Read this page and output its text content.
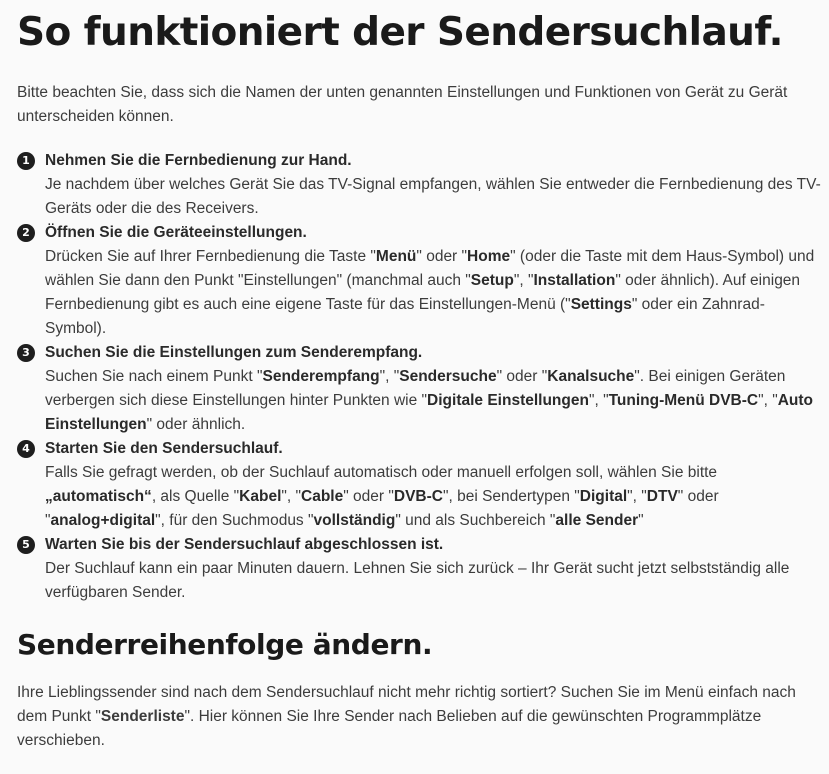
So funktioniert der Sendersuchlauf.

Bitte beachten Sie, dass sich die Namen der unten genannten Einstellungen und Funktionen von Gerät zu Gerät unterscheiden können.

1 Nehmen Sie die Fernbedienung zur Hand.
Je nachdem über welches Gerät Sie das TV-Signal empfangen, wählen Sie entweder die Fernbedienung des TV-Geräts oder die des Receivers.
2 Öffnen Sie die Geräteeinstellungen.
Drücken Sie auf Ihrer Fernbedienung die Taste "Menü" oder "Home" (oder die Taste mit dem Haus-Symbol) und wählen Sie dann den Punkt "Einstellungen" (manchmal auch "Setup", "Installation" oder ähnlich). Auf einigen Fernbedienung gibt es auch eine eigene Taste für das Einstellungen-Menü ("Settings" oder ein Zahnrad-Symbol).
3 Suchen Sie die Einstellungen zum Senderempfang.
Suchen Sie nach einem Punkt "Senderempfang", "Sendersuche" oder "Kanalsuche". Bei einigen Geräten verbergen sich diese Einstellungen hinter Punkten wie "Digitale Einstellungen", "Tuning-Menü DVB-C", "Auto Einstellungen" oder ähnlich.
4 Starten Sie den Sendersuchlauf.
Falls Sie gefragt werden, ob der Suchlauf automatisch oder manuell erfolgen soll, wählen Sie bitte „automatisch“, als Quelle "Kabel", "Cable" oder "DVB-C", bei Sendertypen "Digital", "DTV" oder "analog+digital", für den Suchmodus "vollständig" und als Suchbereich "alle Sender"
5 Warten Sie bis der Sendersuchlauf abgeschlossen ist.
Der Suchlauf kann ein paar Minuten dauern. Lehnen Sie sich zurück – Ihr Gerät sucht jetzt selbstständig alle verfügbaren Sender.
Senderreihenfolge ändern.

Ihre Lieblingssender sind nach dem Sendersuchlauf nicht mehr richtig sortiert? Suchen Sie im Menü einfach nach dem Punkt "Senderliste". Hier können Sie Ihre Sender nach Belieben auf die gewünschten Programmplätze verschieben.
